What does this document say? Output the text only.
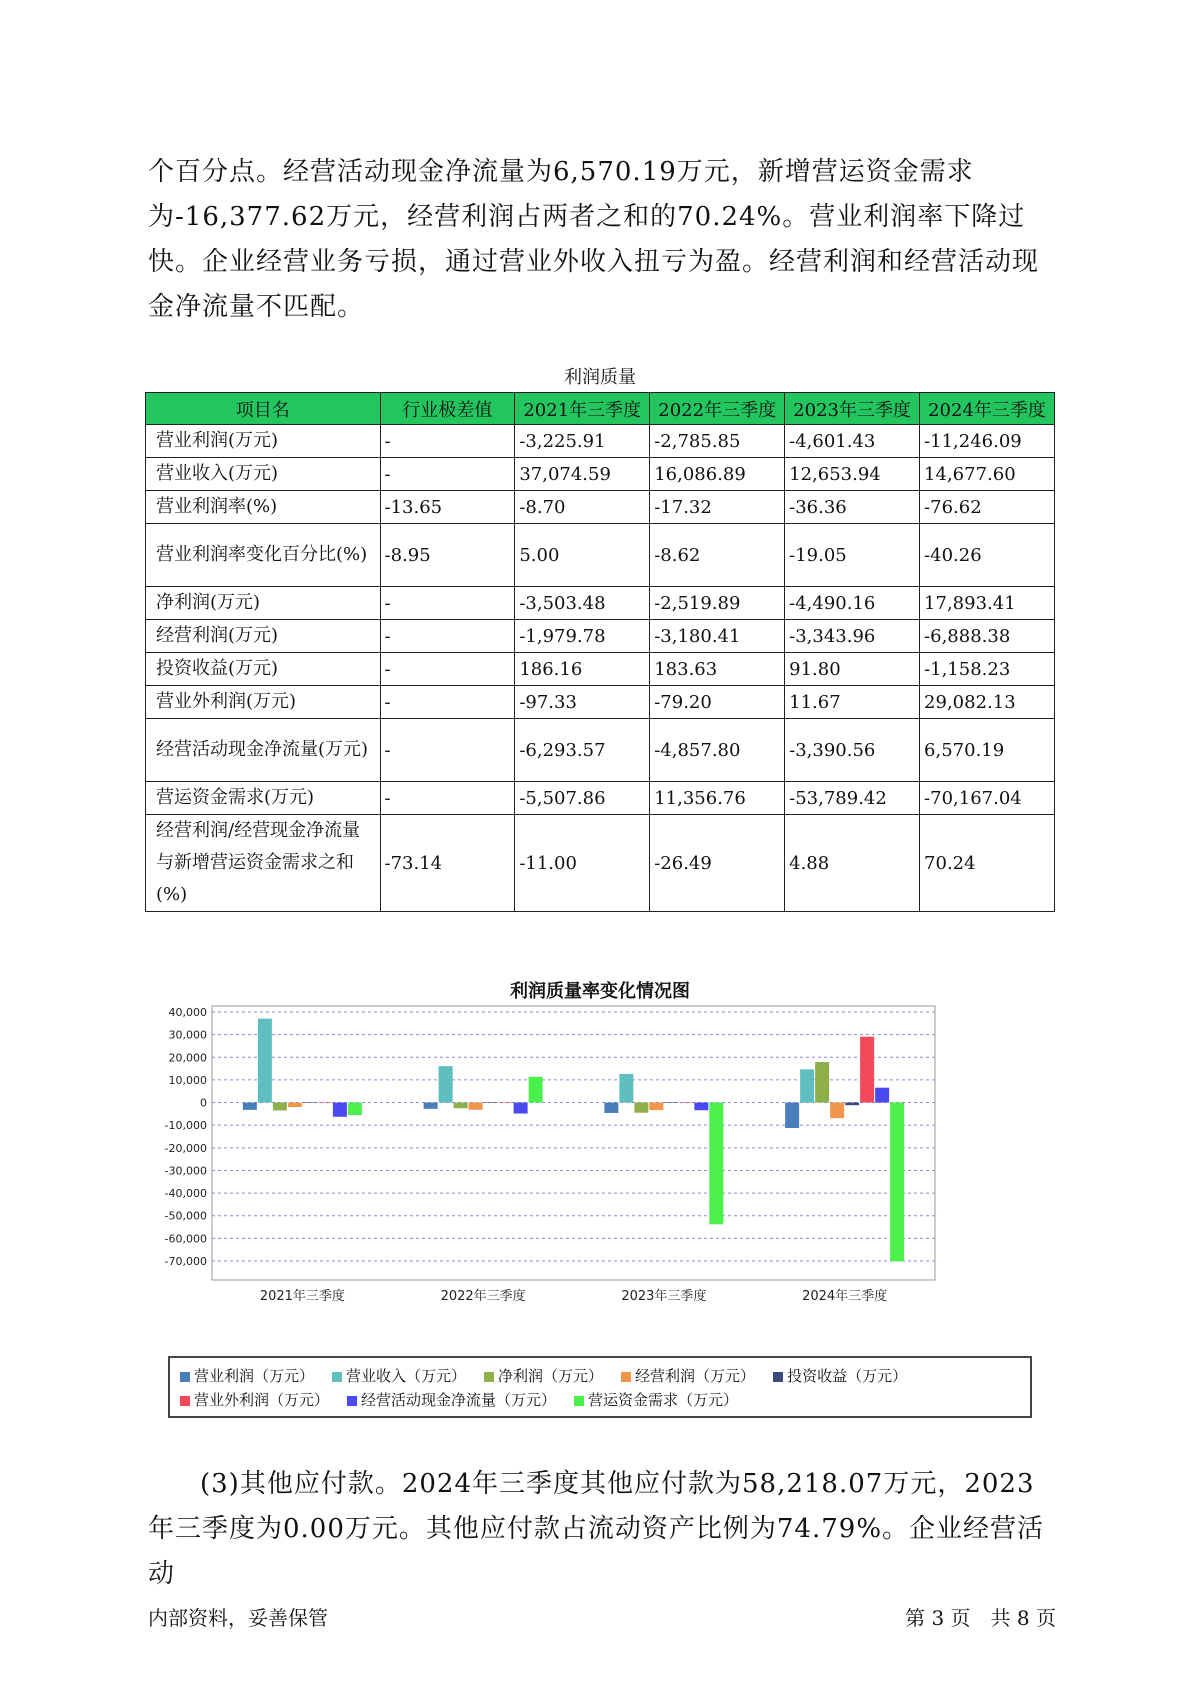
个百分点。经营活动现金净流量为6,570.19万元，新增营运资金需求为-16,377.62万元，经营利润占两者之和的70.24%。营业利润率下降过快。企业经营业务亏损，通过营业外收入扭亏为盈。经营利润和经营活动现金净流量不匹配。

利润质量
项目名	行业极差值	2021年三季度	2022年三季度	2023年三季度	2024年三季度
营业利润(万元)	-	-3,225.91	-2,785.85	-4,601.43	-11,246.09
营业收入(万元)	-	37,074.59	16,086.89	12,653.94	14,677.60
营业利润率(%)	-13.65	-8.70	-17.32	-36.36	-76.62
营业利润率变化百分比(%)	-8.95	5.00	-8.62	-19.05	-40.26
净利润(万元)	-	-3,503.48	-2,519.89	-4,490.16	17,893.41
经营利润(万元)	-	-1,979.78	-3,180.41	-3,343.96	-6,888.38
投资收益(万元)	-	186.16	183.63	91.80	-1,158.23
营业外利润(万元)	-	-97.33	-79.20	11.67	29,082.13
经营活动现金净流量(万元)	-	-6,293.57	-4,857.80	-3,390.56	6,570.19
营运资金需求(万元)	-	-5,507.86	11,356.76	-53,789.42	-70,167.04
经营利润/经营现金净流量与新增营运资金需求之和(%)	-73.14	-11.00	-26.49	4.88	70.24
利润质量率变化情况图
40,000
30,000
20,000
10,000
0
-10,000
-20,000
-30,000
-40,000
-50,000
-60,000
-70,000
2021年三季度	2022年三季度	2023年三季度	2024年三季度
营业利润（万元） 营业收入（万元） 净利润（万元） 经营利润（万元） 投资收益（万元）营业外利润（万元） 经营活动现金净流量（万元） 营运资金需求（万元）

(3)其他应付款。2024年三季度其他应付款为58,218.07万元，2023年三季度为0.00万元。其他应付款占流动资产比例为74.79%。企业经营活动

内部资料，妥善保管	第 3 页　共 8 页
